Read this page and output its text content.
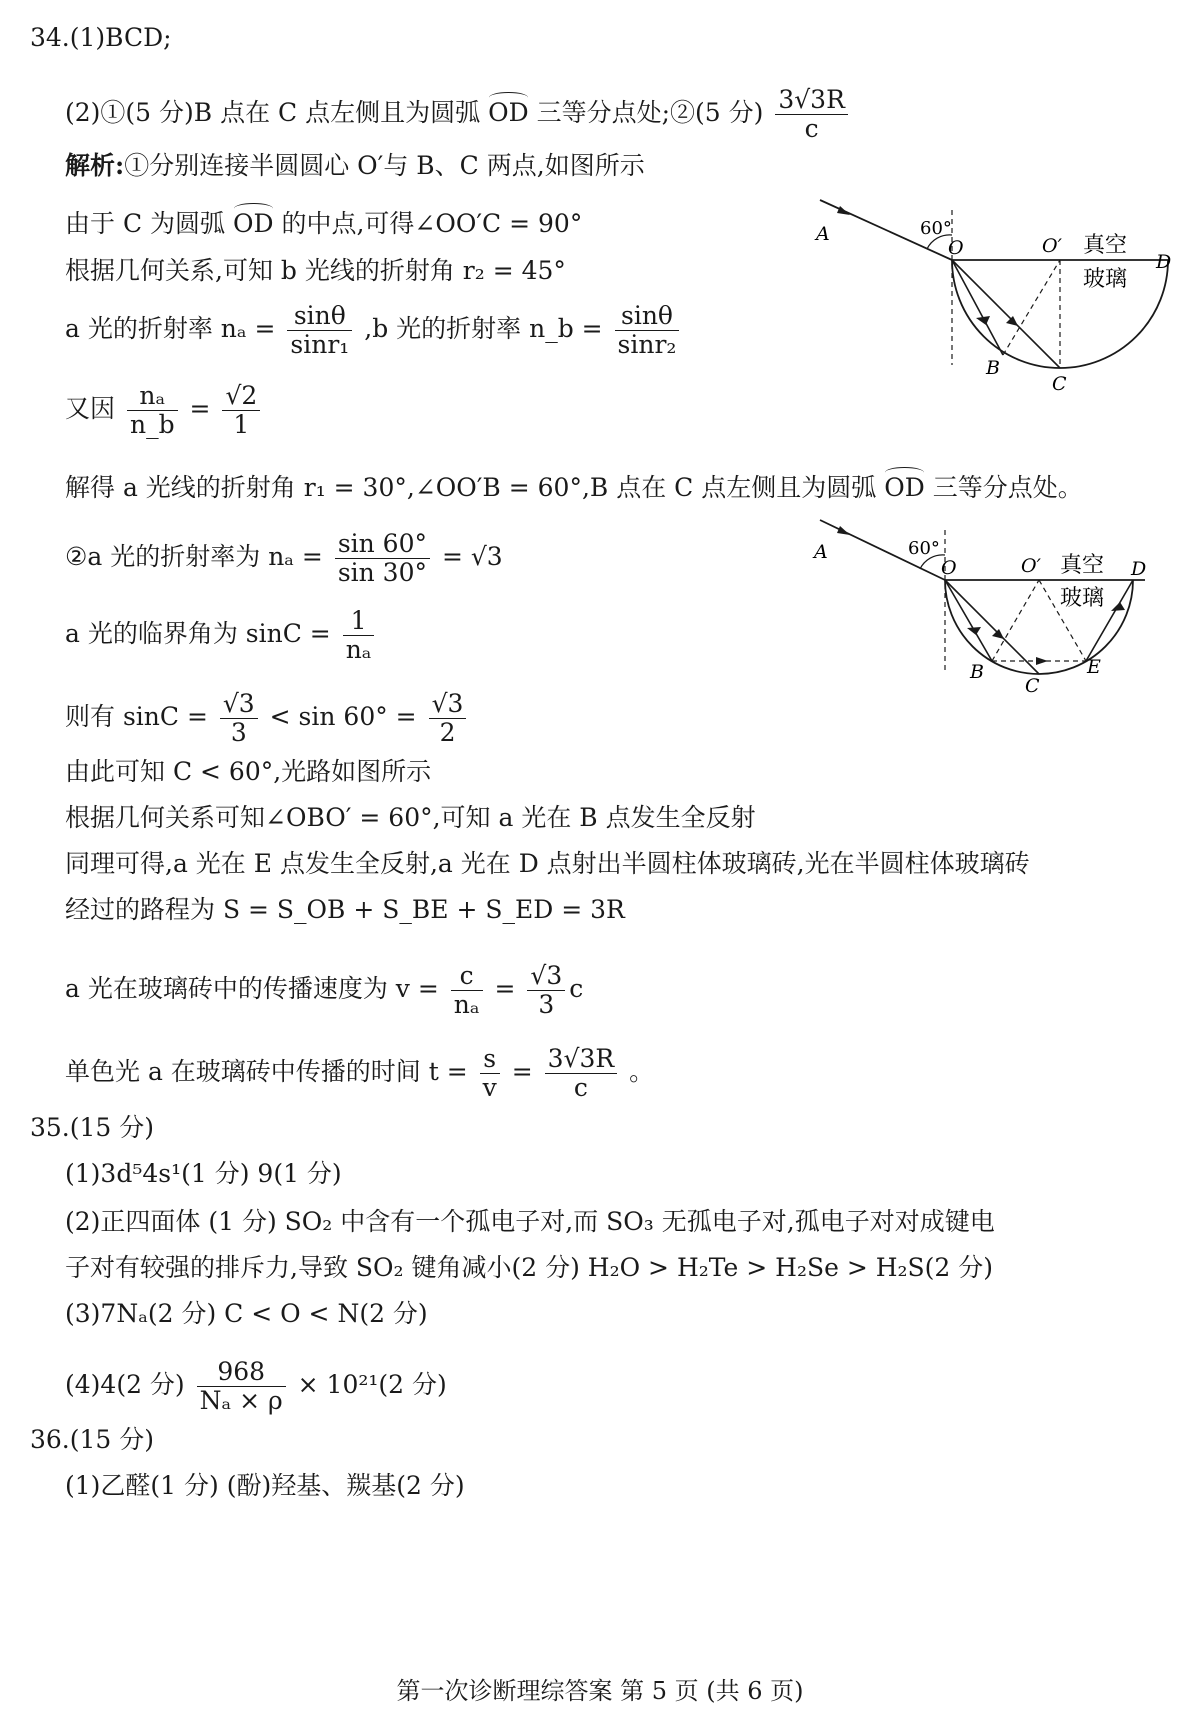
34.(1)BCD;
(2)①(5 分)B 点在 C 点左侧且为圆弧 OD 三等分点处;②(5 分) $\frac{3√3R}{c}$
解析:①分别连接半圆圆心 O′与 B、C 两点,如图所示
由于 C 为圆弧 OD 的中点,可得∠OO′C = 90°
根据几何关系,可知 b 光线的折射角 r₂ = 45°
a 光的折射率 $n_a = \frac{\sin\theta}{\text{sinr₁}} ,b$ 光的折射率 n_b = $\frac{\sin\theta}{\text{sinr₂}}$
又因 $\frac{\text{nₐ}}{n\_b} = \frac{√2}{1}$
解得 a 光线的折射角 r₁ = 30°,∠OO′B = 60°,B 点在 C 点左侧且为圆弧 OD 三等分点处。
②a 光的折射率为 $n_a = \frac{\sin 60^\circ}{\sin 30^\circ} = √3$
a 光的临界角为 $\sin C = \frac{1}{\text{nₐ}}$
则有 $\sin C = \frac{√3}{3} < \sin 60^\circ = \frac{√3}{2}$
由此可知 C < 60°,光路如图所示
根据几何关系可知∠OBO′ = 60°,可知 a 光在 B 点发生全反射
同理可得,a 光在 E 点发生全反射,a 光在 D 点射出半圆柱体玻璃砖,光在半圆柱体玻璃砖
经过的路程为 S = S_OB + S_BE + S_ED = 3R
a 光在玻璃砖中的传播速度为 $v = \frac{c}{\text{nₐ}} = \frac{√3}{3}$ c
单色光 a 在玻璃砖中传播的时间 $t = \frac{s}{v} = \frac{3√3R}{c}$ 。
35.(15 分)
(1)3d⁵4s¹(1 分) 9(1 分)
(2)正四面体 (1 分) SO₂ 中含有一个孤电子对,而 SO₃ 无孤电子对,孤电子对对成键电
子对有较强的排斥力,导致 SO₂ 键角减小(2 分) H₂O > H₂Te > H₂Se > H₂S(2 分)
(3)7Nₐ(2 分) C < O < N(2 分)
(4)4(2 分) $\frac{968}{\text{Nₐ × ρ}} \times 10^{21}(2$ 分)
36.(15 分)
(1)乙醛(1 分) (酚)羟基、羰基(2 分)
第一次诊断理综答案 第 5 页 (共 6 页)
A	60°
O	O′ 真空
玻璃
D
B
C
A	60°
O	O′ 真空
玻璃
D
B
C
E
